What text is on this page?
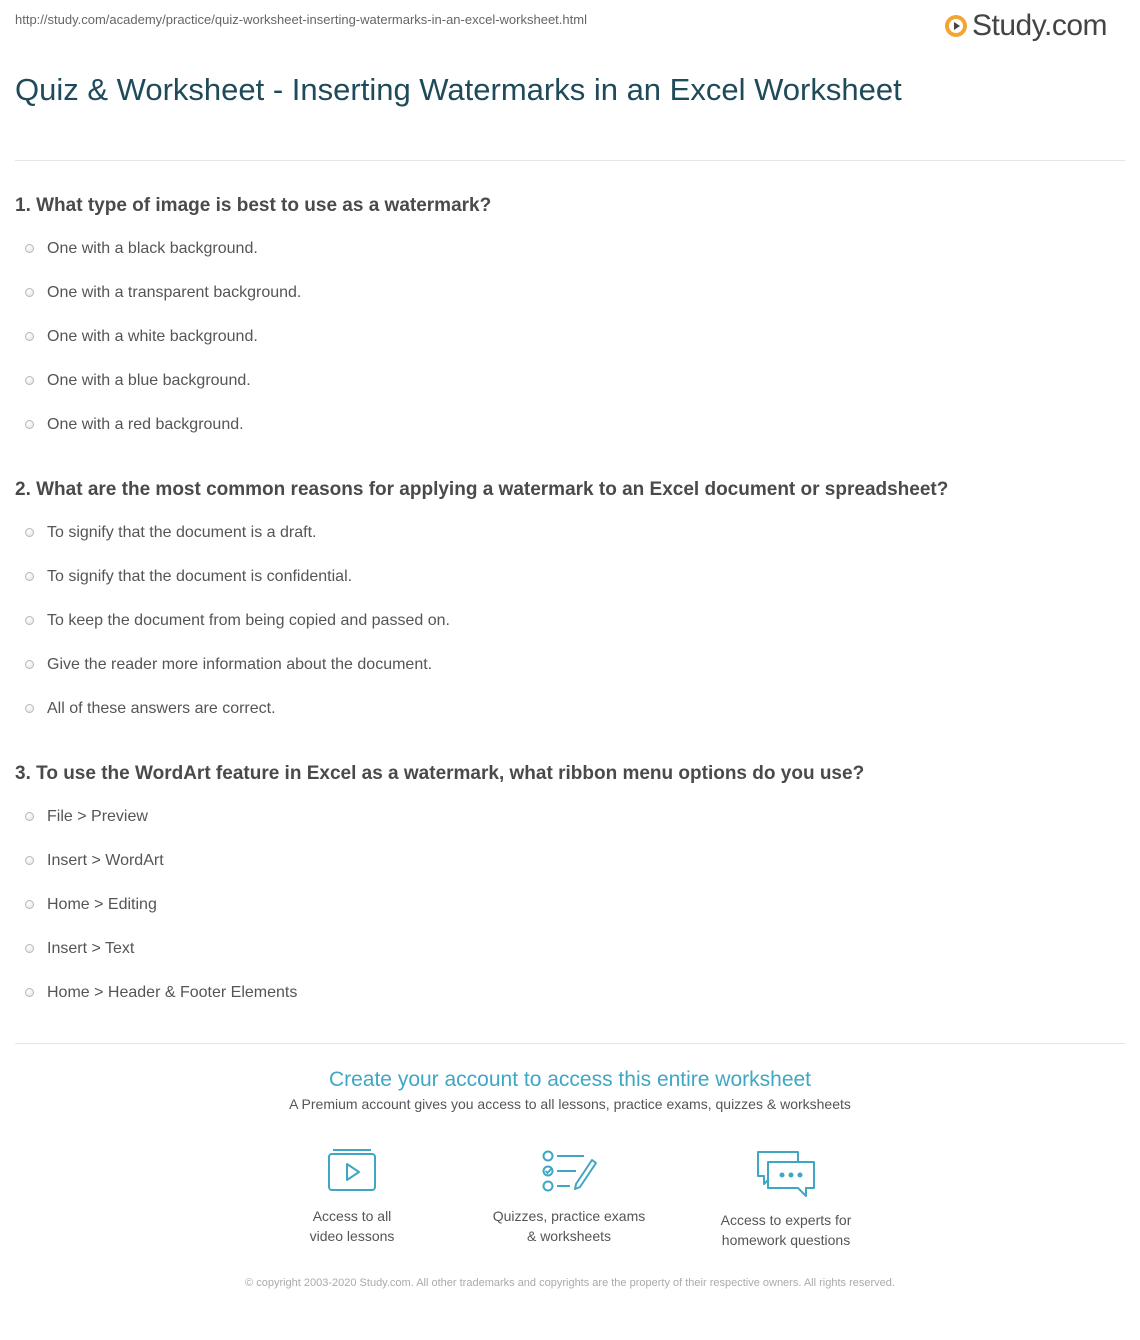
http://study.com/academy/practice/quiz-worksheet-inserting-watermarks-in-an-excel-worksheet.html	Study.com
Quiz & Worksheet - Inserting Watermarks in an Excel Worksheet
1. What type of image is best to use as a watermark?
One with a black background.
One with a transparent background.
One with a white background.
One with a blue background.
One with a red background.
2. What are the most common reasons for applying a watermark to an Excel document or spreadsheet?
To signify that the document is a draft.
To signify that the document is confidential.
To keep the document from being copied and passed on.
Give the reader more information about the document.
All of these answers are correct.
3. To use the WordArt feature in Excel as a watermark, what ribbon menu options do you use?
File > Preview
Insert > WordArt
Home > Editing
Insert > Text
Home > Header & Footer Elements
Create your account to access this entire worksheet
A Premium account gives you access to all lessons, practice exams, quizzes & worksheets
Access to all
video lessons
Quizzes, practice exams
& worksheets
Access to experts for
homework questions
© copyright 2003-2020 Study.com. All other trademarks and copyrights are the property of their respective owners. All rights reserved.
